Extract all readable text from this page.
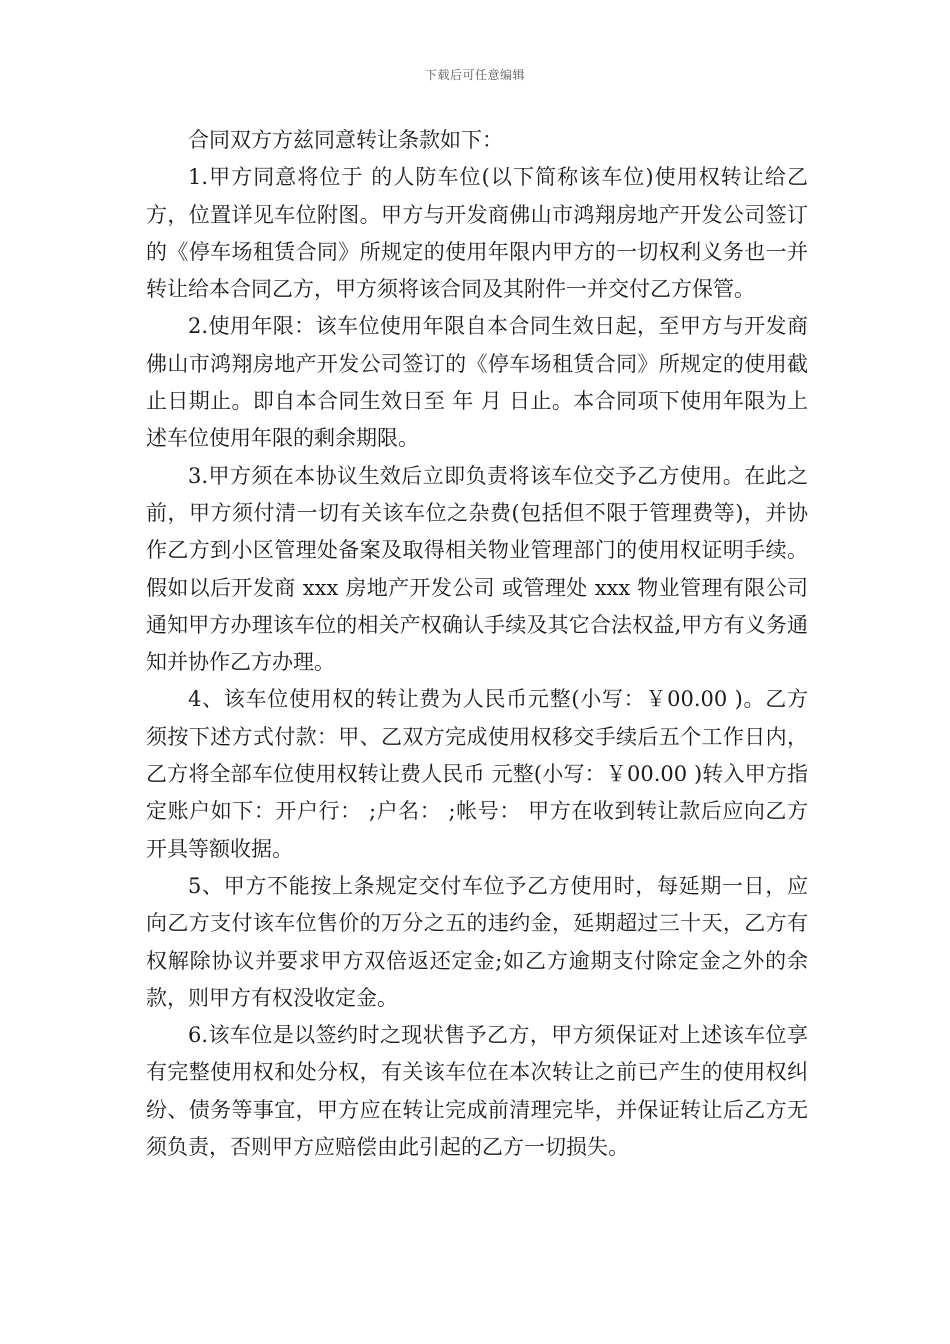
下载后可任意编辑

合同双方方兹同意转让条款如下：

1.甲方同意将位于 的人防车位(以下简称该车位)使用权转让给乙方，位置详见车位附图。甲方与开发商佛山市鸿翔房地产开发公司签订的《停车场租赁合同》所规定的使用年限内甲方的一切权利义务也一并转让给本合同乙方，甲方须将该合同及其附件一并交付乙方保管。

2.使用年限：该车位使用年限自本合同生效日起，至甲方与开发商佛山市鸿翔房地产开发公司签订的《停车场租赁合同》所规定的使用截止日期止。即自本合同生效日至 年 月 日止。本合同项下使用年限为上述车位使用年限的剩余期限。

3.甲方须在本协议生效后立即负责将该车位交予乙方使用。在此之前，甲方须付清一切有关该车位之杂费(包括但不限于管理费等)，并协作乙方到小区管理处备案及取得相关物业管理部门的使用权证明手续。假如以后开发商 xxx 房地产开发公司 或管理处 xxx 物业管理有限公司 通知甲方办理该车位的相关产权确认手续及其它合法权益,甲方有义务通知并协作乙方办理。

4、该车位使用权的转让费为人民币元整(小写：￥00.00 )。乙方须按下述方式付款：甲、乙双方完成使用权移交手续后五个工作日内，乙方将全部车位使用权转让费人民币 元整(小写：￥00.00 )转入甲方指定账户如下：开户行： ;户名： ;帐号： 甲方在收到转让款后应向乙方开具等额收据。

5、甲方不能按上条规定交付车位予乙方使用时，每延期一日，应向乙方支付该车位售价的万分之五的违约金，延期超过三十天，乙方有权解除协议并要求甲方双倍返还定金;如乙方逾期支付除定金之外的余款，则甲方有权没收定金。

6.该车位是以签约时之现状售予乙方，甲方须保证对上述该车位享有完整使用权和处分权，有关该车位在本次转让之前已产生的使用权纠纷、债务等事宜，甲方应在转让完成前清理完毕，并保证转让后乙方无须负责，否则甲方应赔偿由此引起的乙方一切损失。
